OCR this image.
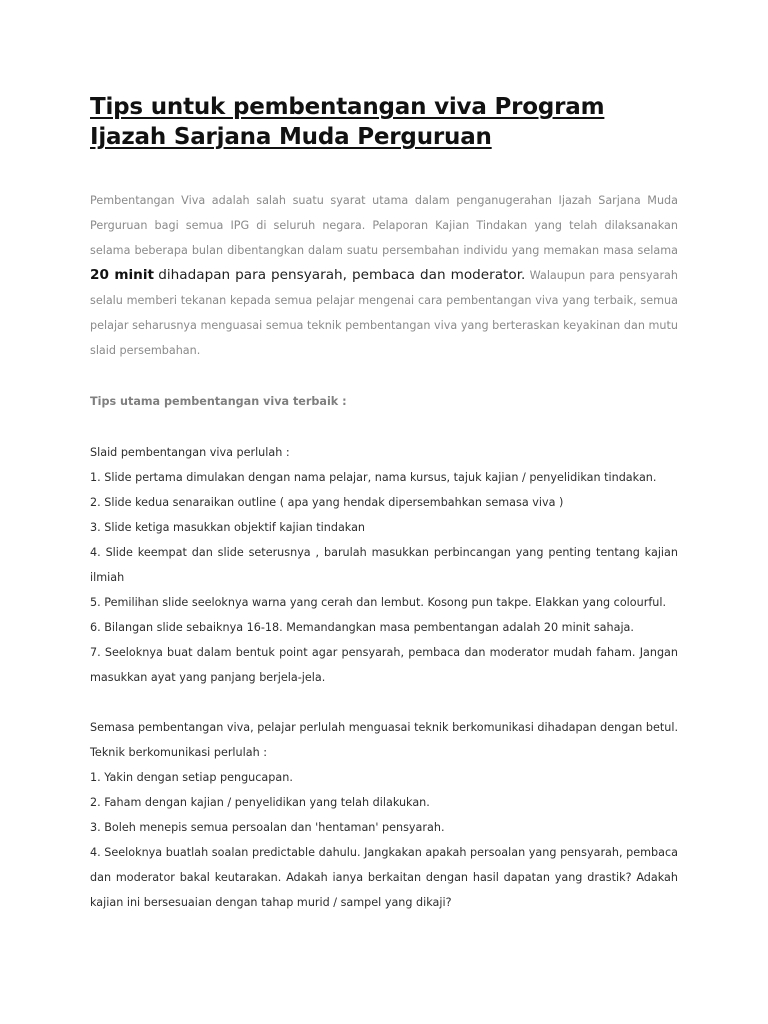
Tips untuk pembentangan viva Program Ijazah Sarjana Muda Perguruan

Pembentangan Viva adalah salah suatu syarat utama dalam penganugerahan Ijazah Sarjana Muda Perguruan bagi semua IPG di seluruh negara. Pelaporan Kajian Tindakan yang telah dilaksanakan selama beberapa bulan dibentangkan dalam suatu persembahan individu yang memakan masa selama 20 minit dihadapan para pensyarah, pembaca dan moderator. Walaupun para pensyarah selalu memberi tekanan kepada semua pelajar mengenai cara pembentangan viva yang terbaik, semua pelajar seharusnya menguasai semua teknik pembentangan viva yang berteraskan keyakinan dan mutu slaid persembahan.

Tips utama pembentangan viva terbaik :

Slaid pembentangan viva perlulah :

1. Slide pertama dimulakan dengan nama pelajar, nama kursus, tajuk kajian / penyelidikan tindakan.

2. Slide kedua senaraikan outline ( apa yang hendak dipersembahkan semasa viva )

3. Slide ketiga masukkan objektif kajian tindakan

4. Slide keempat dan slide seterusnya , barulah masukkan perbincangan yang penting tentang kajian ilmiah

5. Pemilihan slide seeloknya warna yang cerah dan lembut. Kosong pun takpe. Elakkan yang colourful.

6. Bilangan slide sebaiknya 16-18. Memandangkan masa pembentangan adalah 20 minit sahaja.

7. Seeloknya buat dalam bentuk point agar pensyarah, pembaca dan moderator mudah faham. Jangan masukkan ayat yang panjang berjela-jela.

Semasa pembentangan viva, pelajar perlulah menguasai teknik berkomunikasi dihadapan dengan betul. Teknik berkomunikasi perlulah :

1. Yakin dengan setiap pengucapan.

2. Faham dengan kajian / penyelidikan yang telah dilakukan.

3. Boleh menepis semua persoalan dan 'hentaman' pensyarah.

4. Seeloknya buatlah soalan predictable dahulu. Jangkakan apakah persoalan yang pensyarah, pembaca dan moderator bakal keutarakan. Adakah ianya berkaitan dengan hasil dapatan yang drastik? Adakah kajian ini bersesuaian dengan tahap murid / sampel yang dikaji?
